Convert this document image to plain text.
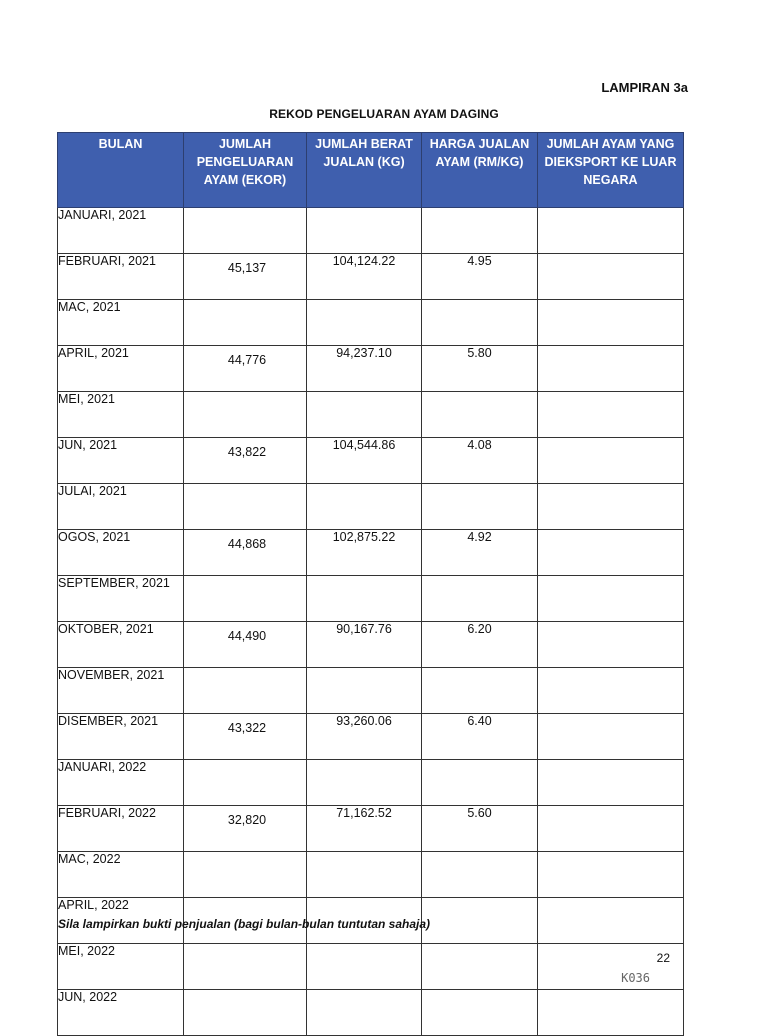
LAMPIRAN 3a
REKOD PENGELUARAN AYAM DAGING
BULAN	JUMLAH PENGELUARAN AYAM (EKOR)	JUMLAH BERAT JUALAN (KG)	HARGA JUALAN AYAM (RM/KG)	JUMLAH AYAM YANG DIEKSPORT KE LUAR NEGARA
JANUARI, 2021				
FEBRUARI, 2021	45,137	104,124.22	4.95	
MAC, 2021				
APRIL, 2021	44,776	94,237.10	5.80	
MEI, 2021				
JUN, 2021	43,822	104,544.86	4.08	
JULAI, 2021				
OGOS, 2021	44,868	102,875.22	4.92	
SEPTEMBER, 2021				
OKTOBER, 2021	44,490	90,167.76	6.20	
NOVEMBER, 2021				
DISEMBER, 2021	43,322	93,260.06	6.40	
JANUARI, 2022				
FEBRUARI, 2022	32,820	71,162.52	5.60	
MAC, 2022				
APRIL, 2022				
MEI, 2022				
JUN, 2022				
Sila lampirkan bukti penjualan (bagi bulan-bulan tuntutan sahaja)
22
K036
